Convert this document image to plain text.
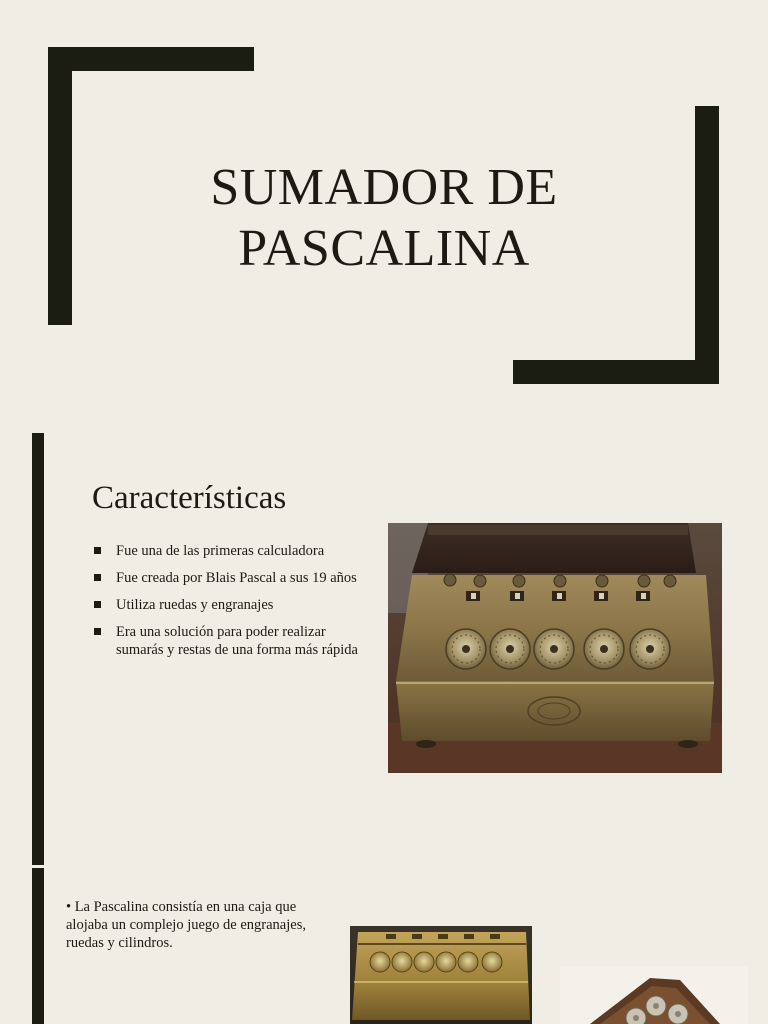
SUMADOR DE
PASCALINA
Características
Fue una de las primeras calculadora
Fue creada por Blais Pascal a sus 19 años
Utiliza ruedas y engranajes
Era una solución para poder realizar sumarás y restas de una forma más rápida
• La Pascalina consistía en una caja que alojaba un complejo juego de engranajes, ruedas y cilindros.
